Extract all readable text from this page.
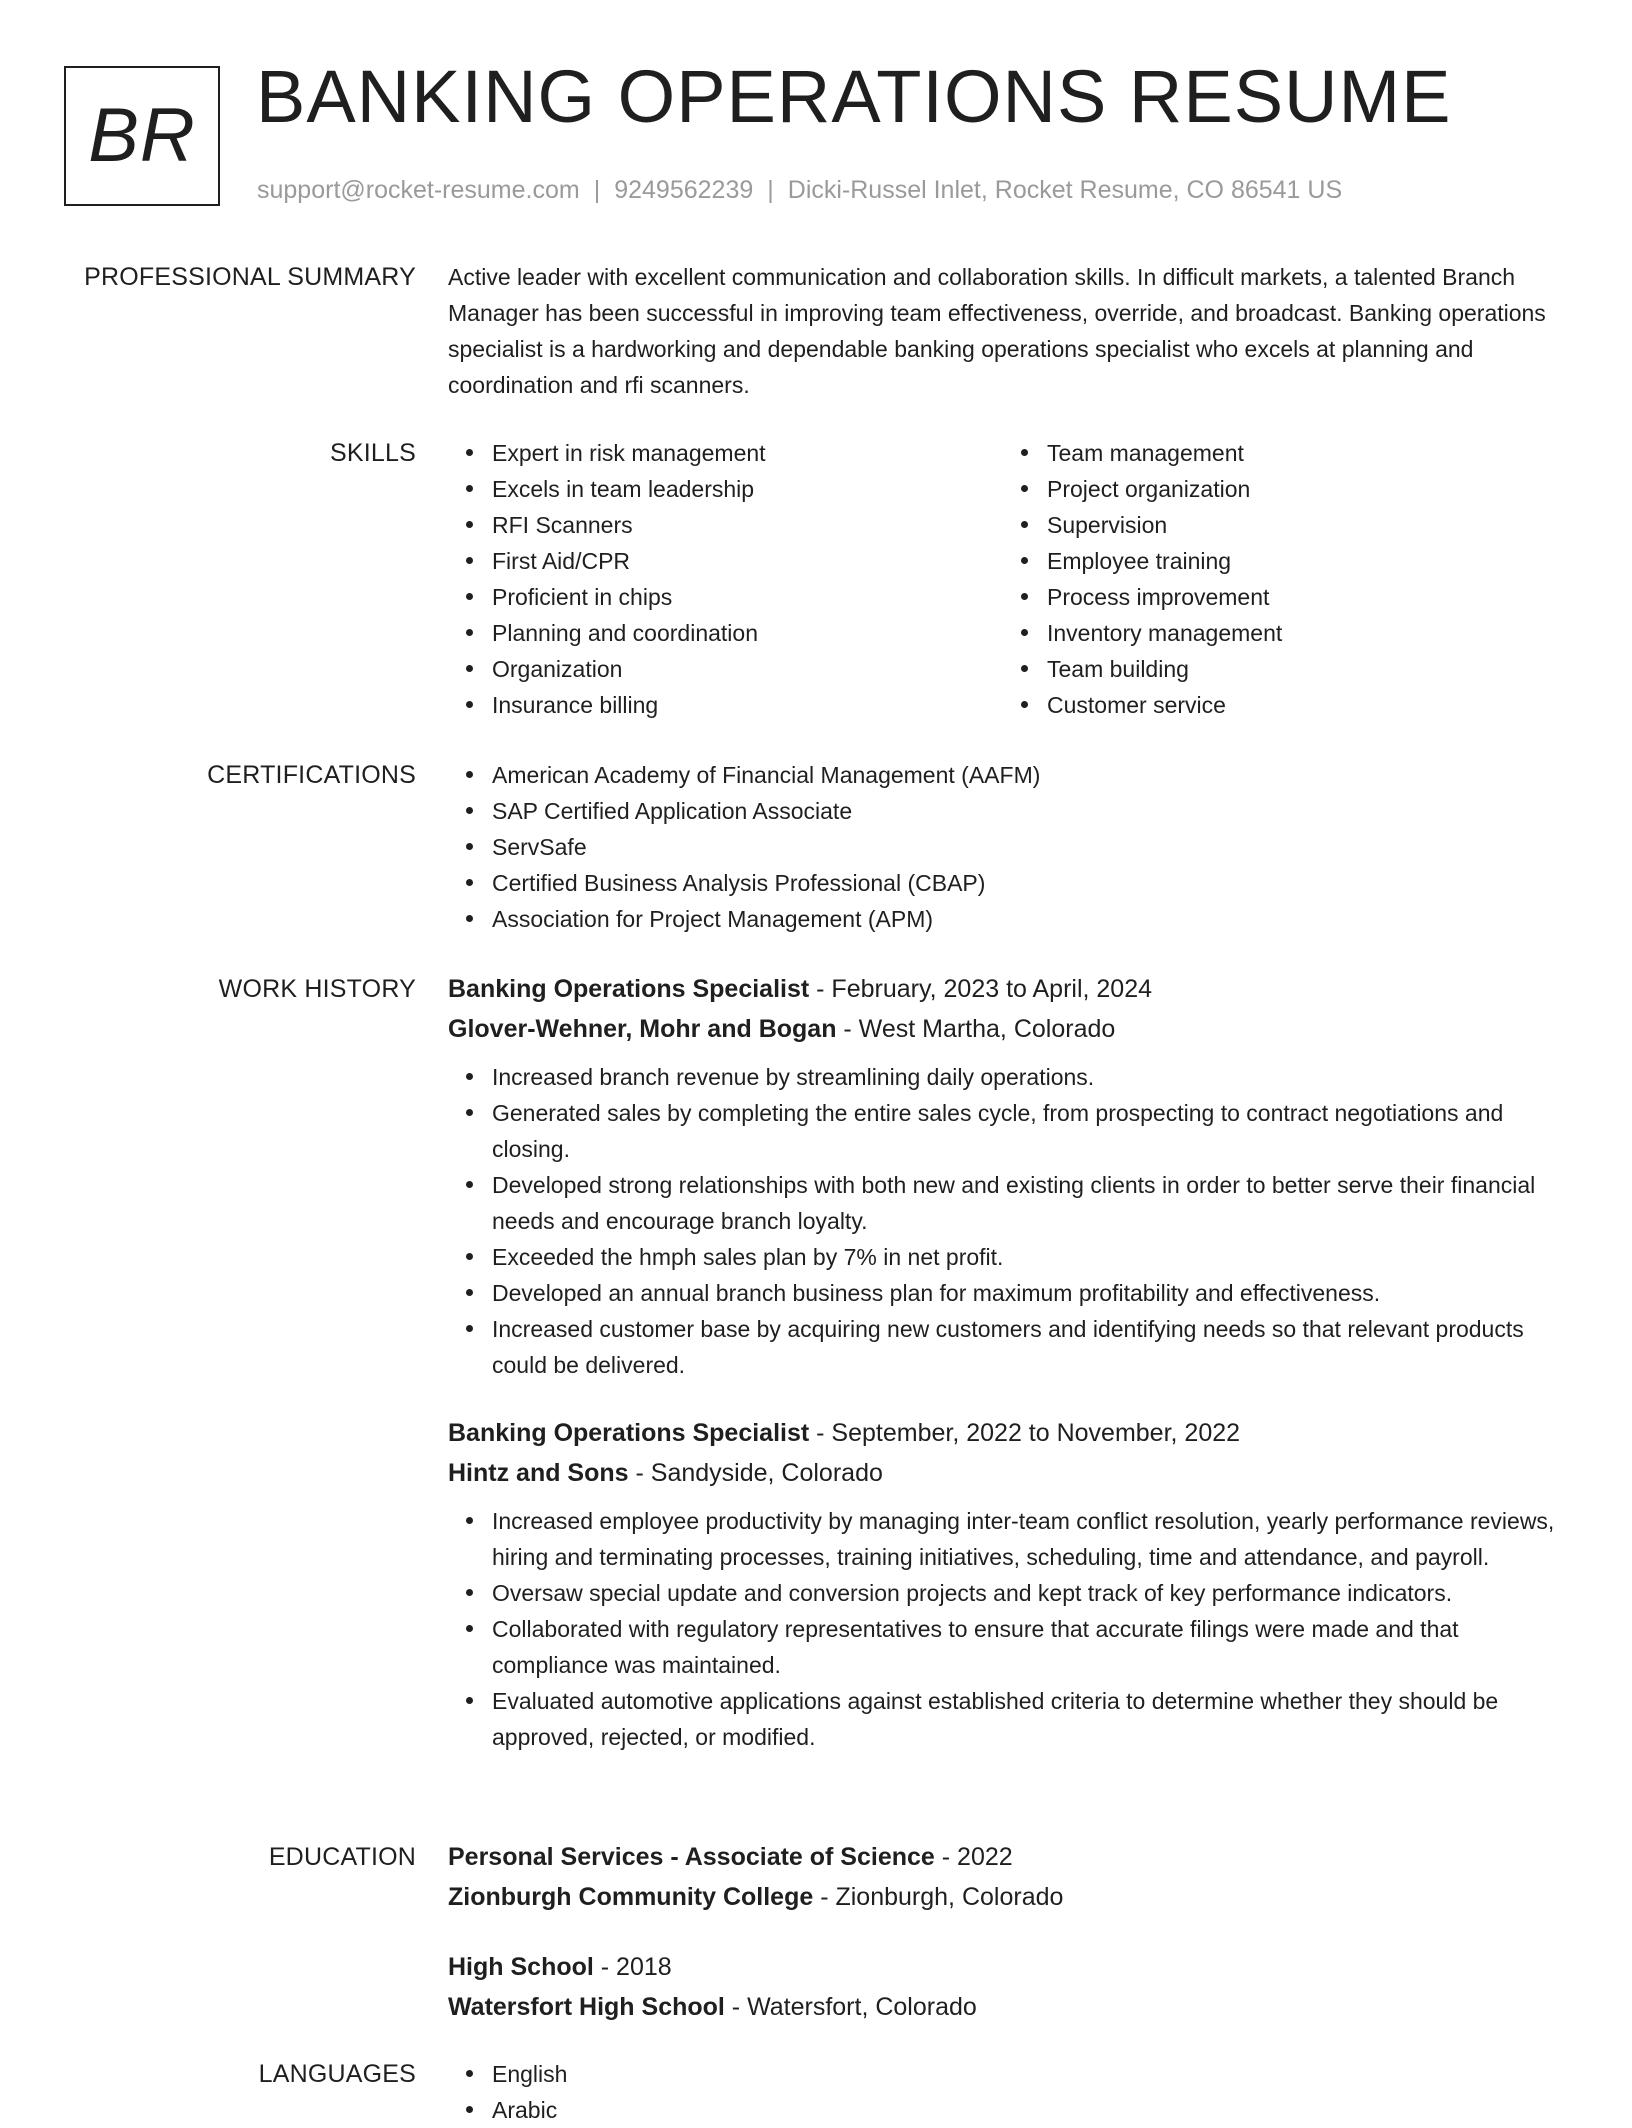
BR BANKING OPERATIONS RESUME
support@rocket-resume.com | 9249562239 | Dicki-Russel Inlet, Rocket Resume, CO 86541 US
PROFESSIONAL SUMMARY Active leader with excellent communication and collaboration skills. In difficult markets, a talented Branch Manager has been successful in improving team effectiveness, override, and broadcast. Banking operations specialist is a hardworking and dependable banking operations specialist who excels at planning and coordination and rfi scanners.

SKILLS	Expert in risk management
Excels in team leadership
RFI Scanners
First Aid/CPR
Proficient in chips
Planning and coordination
Organization
Insurance billing
Team management
Project organization
Supervision
Employee training
Process improvement
Inventory management
Team building
Customer service
CERTIFICATIONS	American Academy of Financial Management (AAFM)
SAP Certified Application Associate
ServSafe
Certified Business Analysis Professional (CBAP)
Association for Project Management (APM)
WORK HISTORY Banking Operations Specialist - February, 2023 to April, 2024
Glover-Wehner, Mohr and Bogan - West Martha, Colorado
Increased branch revenue by streamlining daily operations.
Generated sales by completing the entire sales cycle, from prospecting to contract negotiations and closing.
Developed strong relationships with both new and existing clients in order to better serve their financial needs and encourage branch loyalty.
Exceeded the hmph sales plan by 7% in net profit.
Developed an annual branch business plan for maximum profitability and effectiveness.
Increased customer base by acquiring new customers and identifying needs so that relevant products could be delivered.
Banking Operations Specialist - September, 2022 to November, 2022
Hintz and Sons - Sandyside, Colorado
Increased employee productivity by managing inter-team conflict resolution, yearly performance reviews, hiring and terminating processes, training initiatives, scheduling, time and attendance, and payroll.
Oversaw special update and conversion projects and kept track of key performance indicators.
Collaborated with regulatory representatives to ensure that accurate filings were made and that compliance was maintained.
Evaluated automotive applications against established criteria to determine whether they should be approved, rejected, or modified.
EDUCATION Personal Services - Associate of Science - 2022
Zionburgh Community College - Zionburgh, Colorado
High School - 2018
Watersfort High School - Watersfort, Colorado
LANGUAGES	English
Arabic
